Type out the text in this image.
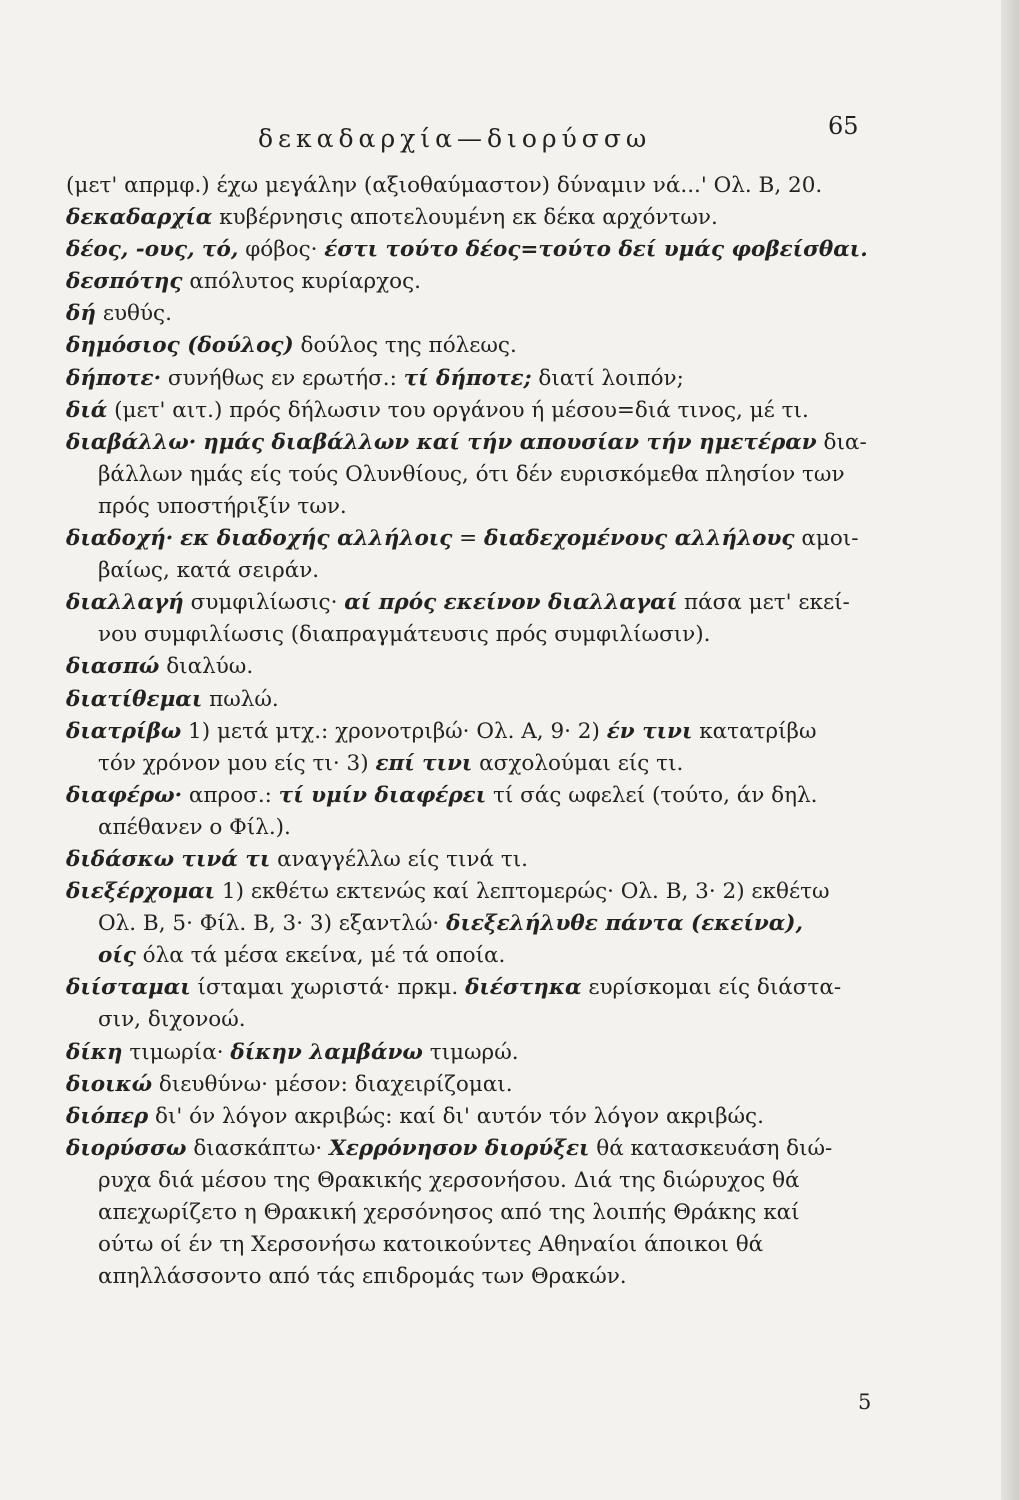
δεκαδαρχία—διορύσσω	65
(μετ' απρμφ.) έχω μεγάλην (αξιοθαύμαστον) δύναμιν νά...' Ολ. Β, 20.
δεκαδαρχία κυβέρνησις αποτελουμένη εκ δέκα αρχόντων.
δέος, -ους, τό, φόβος· έστι τούτο δέος=τούτο δεί υμάς φοβείσθαι.
δεσπότης απόλυτος κυρίαρχος.
δή ευθύς.
δημόσιος (δούλος) δούλος της πόλεως.
δήποτε· συνήθως εν ερωτήσ.: τί δήποτε; διατί λοιπόν;
διά (μετ' αιτ.) πρός δήλωσιν του οργάνου ή μέσου=διά τινος, μέ τι.
διαβάλλω· ημάς διαβάλλων καί τήν απουσίαν τήν ημετέραν δια-
βάλλων ημάς είς τούς Ολυνθίους, ότι δέν ευρισκόμεθα πλησίον των
πρός υποστήριξίν των.
διαδοχή· εκ διαδοχής αλλήλοις = διαδεχομένους αλλήλους αμοι-
βαίως, κατά σειράν.
διαλλαγή συμφιλίωσις· αί πρός εκείνον διαλλαγαί πάσα μετ' εκεί-
νου συμφιλίωσις (διαπραγμάτευσις πρός συμφιλίωσιν).
διασπώ διαλύω.
διατίθεμαι πωλώ.
διατρίβω 1) μετά μτχ.: χρονοτριβώ· Ολ. Α, 9· 2) έν τινι κατατρίβω
τόν χρόνον μου είς τι· 3) επί τινι ασχολούμαι είς τι.
διαφέρω· απροσ.: τί υμίν διαφέρει τί σάς ωφελεί (τούτο, άν δηλ.
απέθανεν ο Φίλ.).
διδάσκω τινά τι αναγγέλλω είς τινά τι.
διεξέρχομαι 1) εκθέτω εκτενώς καί λεπτομερώς· Ολ. Β, 3· 2) εκθέτω
Ολ. Β, 5· Φίλ. Β, 3· 3) εξαντλώ· διεξελήλυθε πάντα (εκείνα),
οίς όλα τά μέσα εκείνα, μέ τά οποία.
διίσταμαι ίσταμαι χωριστά· πρκμ. διέστηκα ευρίσκομαι είς διάστα-
σιν, διχονοώ.
δίκη τιμωρία· δίκην λαμβάνω τιμωρώ.
διοικώ διευθύνω· μέσον: διαχειρίζομαι.
διόπερ δι' όν λόγον ακριβώς: καί δι' αυτόν τόν λόγον ακριβώς.
διορύσσω διασκάπτω· Χερρόνησον διορύξει θά κατασκευάση διώ-
ρυχα διά μέσου της Θρακικής χερσονήσου. Διά της διώρυχος θά
απεχωρίζετο η Θρακική χερσόνησος από της λοιπής Θράκης καί
ούτω οί έν τη Χερσονήσω κατοικούντες Αθηναίοι άποικοι θά
απηλλάσσοντο από τάς επιδρομάς των Θρακών.
5
